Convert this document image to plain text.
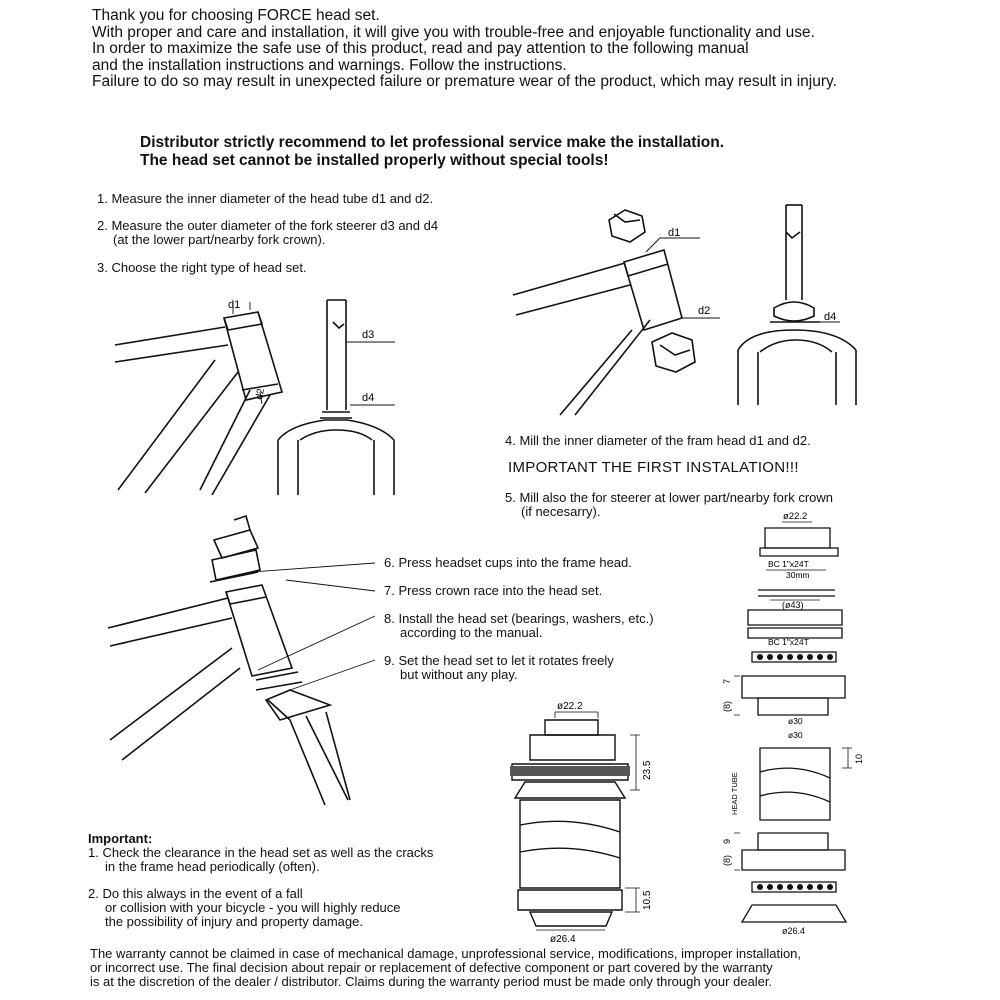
Thank you for choosing FORCE head set.
With proper and care and installation, it will give you with trouble-free and enjoyable functionality and use.
In order to maximize the safe use of this product, read and pay attention to the following manual
and the installation instructions and warnings. Follow the instructions.
Failure to do so may result in unexpected failure or premature wear of the product, which may result in injury.
Distributor strictly recommend to let professional service make the installation.
The head set cannot be installed properly without special tools!
1. Measure the inner diameter of the head tube d1 and d2.
2. Measure the outer diameter of the fork steerer d3 and d4
(at the lower part/nearby fork crown).
3. Choose the right type of head set.
4. Mill the inner diameter of the fram head d1 and d2.
IMPORTANT THE FIRST INSTALATION!!!
5. Mill also the for steerer at lower part/nearby fork crown
(if necesarry).
6. Press headset cups into the frame head.
7. Press crown race into the head set.
8. Install the head set (bearings, washers, etc.)
according to the manual.
9. Set the head set to let it rotates freely
but without any play.
Important:
1. Check the clearance in the head set as well as the cracks
in the frame head periodically (often).
2. Do this always in the event of a fall
or collision with your bicycle - you will highly reduce
the possibility of injury and property damage.
The warranty cannot be claimed in case of mechanical damage, unprofessional service, modifications, improper installation,
or incorrect use. The final decision about repair or replacement of defective component or part covered by the warranty
is at the discretion of the dealer / distributor. Claims during the warranty period must be made only through your dealer.
d1
d3
d4
d2
d1
d2	d4
ø22.2
23.5
10.5
ø26.4
ø22.2
BC 1"x24T
30mm
(ø43)
BC 1"x24T
(8)
7
ø30
ø30
10
HEAD TUBE
(8)
9
ø26.4
